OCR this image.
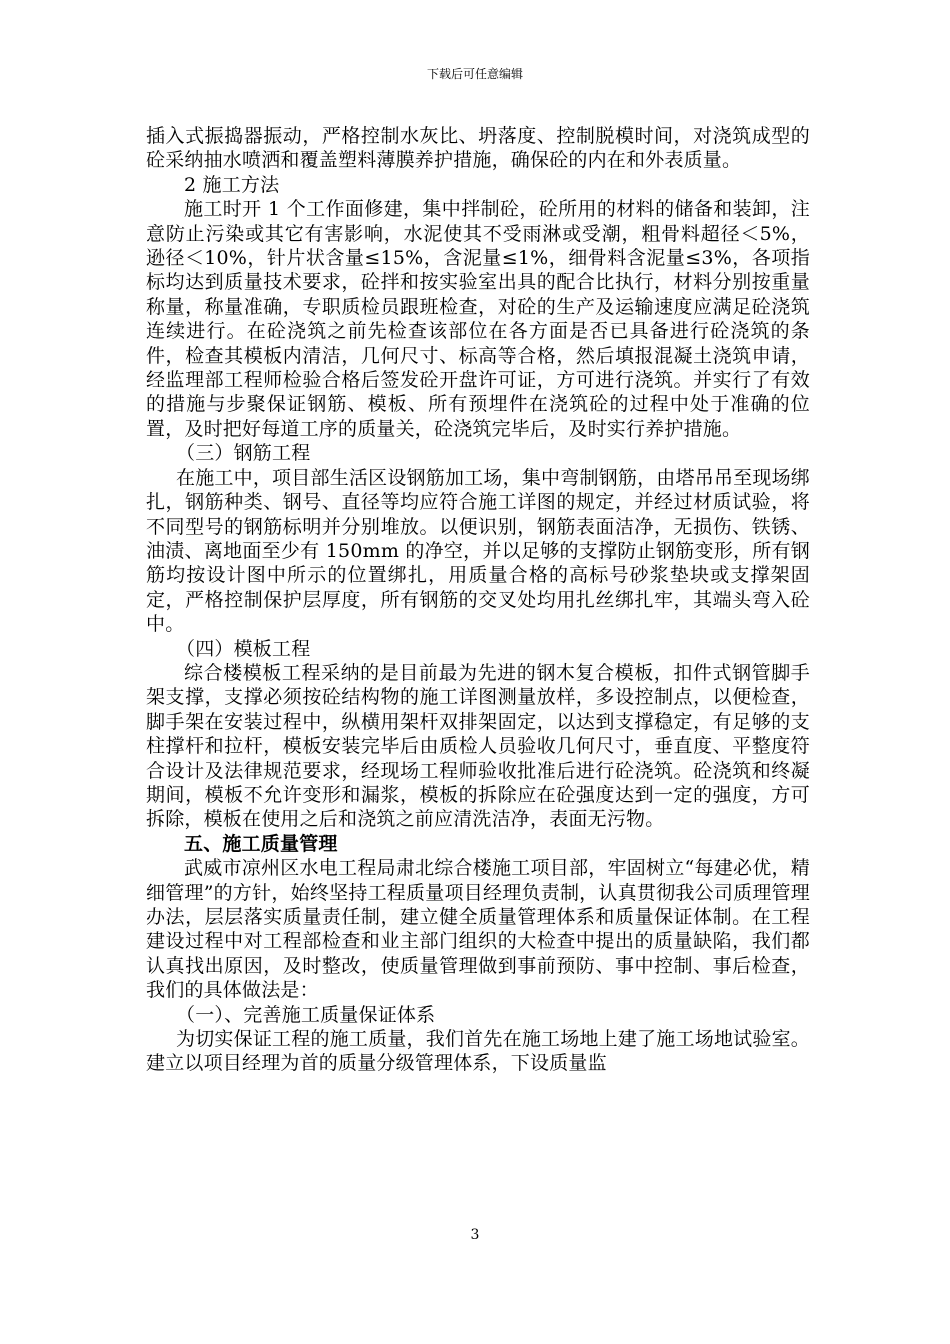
下载后可任意编辑

插入式振捣器振动，严格控制水灰比、坍落度、控制脱模时间，对浇筑成型的砼采纳抽水喷洒和覆盖塑料薄膜养护措施，确保砼的内在和外表质量。

2 施工方法

施工时开 1 个工作面修建，集中拌制砼，砼所用的材料的储备和装卸，注意防止污染或其它有害影响，水泥使其不受雨淋或受潮，粗骨料超径＜5%，逊径＜10%，针片状含量≤15%，含泥量≤1%，细骨料含泥量≤3%，各项指标均达到质量技术要求，砼拌和按实验室出具的配合比执行，材料分别按重量称量，称量准确，专职质检员跟班检查，对砼的生产及运输速度应满足砼浇筑连续进行。在砼浇筑之前先检查该部位在各方面是否已具备进行砼浇筑的条件，检查其模板内清洁，几何尺寸、标高等合格，然后填报混凝土浇筑申请，经监理部工程师检验合格后签发砼开盘许可证，方可进行浇筑。并实行了有效的措施与步聚保证钢筋、模板、所有预埋件在浇筑砼的过程中处于准确的位置，及时把好每道工序的质量关，砼浇筑完毕后，及时实行养护措施。

（三）钢筋工程

在施工中，项目部生活区设钢筋加工场，集中弯制钢筋，由塔吊吊至现场绑扎，钢筋种类、钢号、直径等均应符合施工详图的规定，并经过材质试验，将不同型号的钢筋标明并分别堆放。以便识别，钢筋表面洁净，无损伤、铁锈、油渍、离地面至少有 150mm 的净空，并以足够的支撑防止钢筋变形，所有钢筋均按设计图中所示的位置绑扎，用质量合格的高标号砂浆垫块或支撑架固定，严格控制保护层厚度，所有钢筋的交叉处均用扎丝绑扎牢，其端头弯入砼中。

（四）模板工程

综合楼模板工程采纳的是目前最为先进的钢木复合模板，扣件式钢管脚手架支撑，支撑必须按砼结构物的施工详图测量放样，多设控制点，以便检查，脚手架在安装过程中，纵横用架杆双排架固定，以达到支撑稳定，有足够的支柱撑杆和拉杆，模板安装完毕后由质检人员验收几何尺寸，垂直度、平整度符合设计及法律规范要求，经现场工程师验收批准后进行砼浇筑。砼浇筑和终凝期间，模板不允许变形和漏浆，模板的拆除应在砼强度达到一定的强度，方可拆除，模板在使用之后和浇筑之前应清洗洁净，表面无污物。

五、施工质量管理

武威市凉州区水电工程局肃北综合楼施工项目部，牢固树立“每建必优，精细管理”的方针，始终坚持工程质量项目经理负责制，认真贯彻我公司质理管理办法，层层落实质量责任制，建立健全质量管理体系和质量保证体制。在工程建设过程中对工程部检查和业主部门组织的大检查中提出的质量缺陷，我们都认真找出原因，及时整改，使质量管理做到事前预防、事中控制、事后检查，我们的具体做法是：

（一）、完善施工质量保证体系

为切实保证工程的施工质量，我们首先在施工场地上建了施工场地试验室。建立以项目经理为首的质量分级管理体系，下设质量监

3
